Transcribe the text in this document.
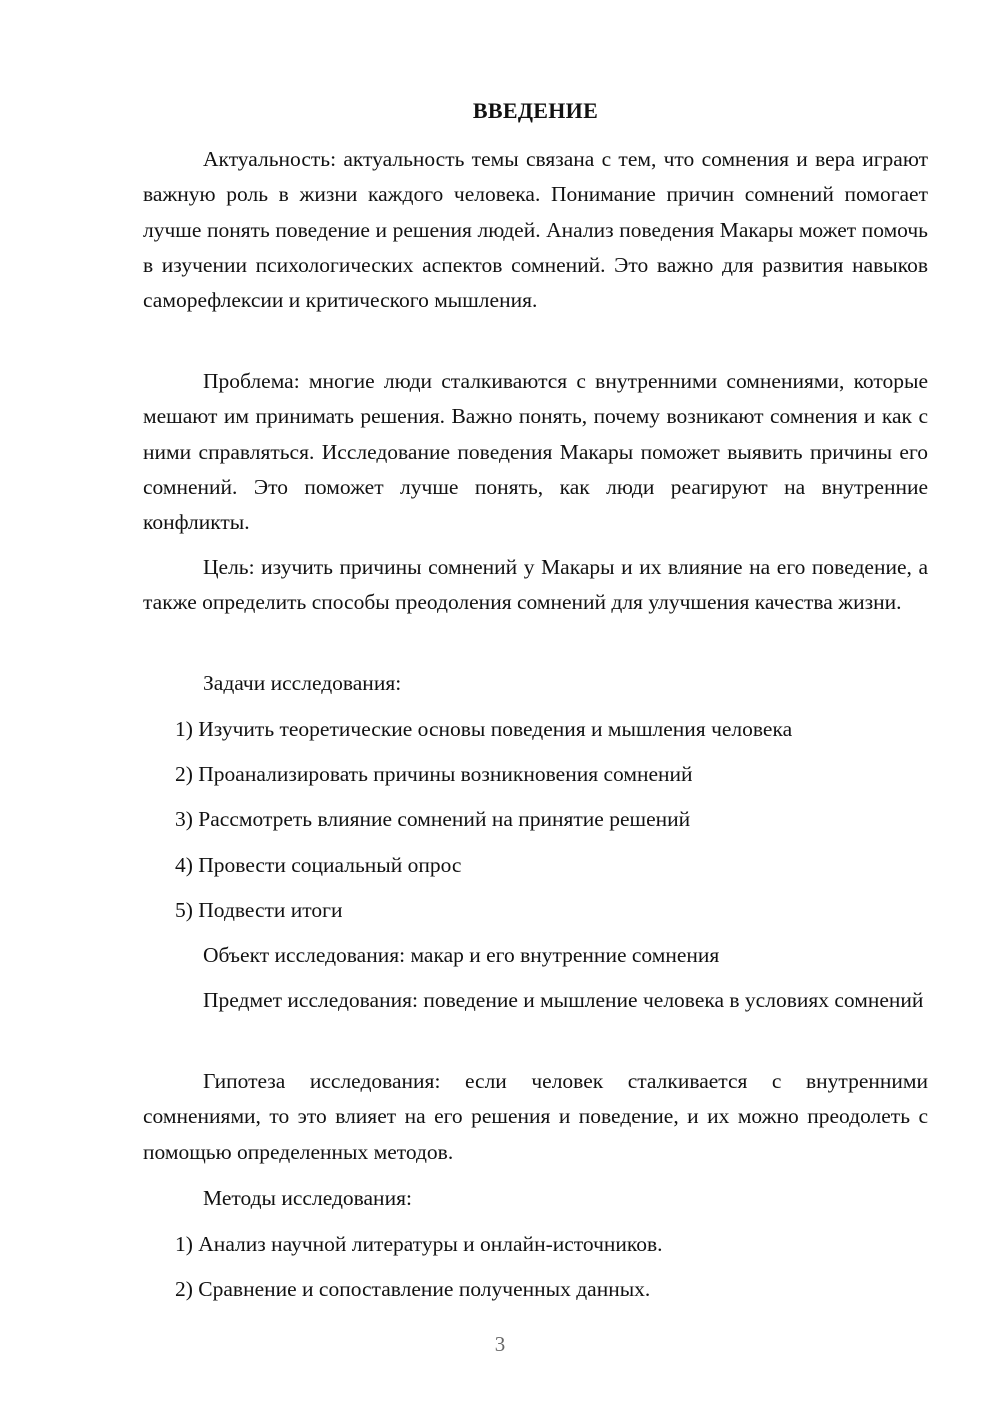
ВВЕДЕНИЕ

Актуальность: актуальность темы связана с тем, что сомнения и вера играют важную роль в жизни каждого человека. Понимание причин сомнений помогает лучше понять поведение и решения людей. Анализ поведения Макары может помочь в изучении психологических аспектов сомнений. Это важно для развития навыков саморефлексии и критического мышления.

Проблема: многие люди сталкиваются с внутренними сомнениями, которые мешают им принимать решения. Важно понять, почему возникают сомнения и как с ними справляться. Исследование поведения Макары поможет выявить причины его сомнений. Это поможет лучше понять, как люди реагируют на внутренние конфликты.

Цель: изучить причины сомнений у Макары и их влияние на его поведение, а также определить способы преодоления сомнений для улучшения качества жизни.

Задачи исследования:

1) Изучить теоретические основы поведения и мышления человека

2) Проанализировать причины возникновения сомнений

3) Рассмотреть влияние сомнений на принятие решений

4) Провести социальный опрос

5) Подвести итоги

Объект исследования: макар и его внутренние сомнения

Предмет исследования: поведение и мышление человека в условиях сомнений

Гипотеза исследования: если человек сталкивается с внутренними сомнениями, то это влияет на его решения и поведение, и их можно преодолеть с помощью определенных методов.

Методы исследования:

1) Анализ научной литературы и онлайн-источников.

2) Сравнение и сопоставление полученных данных.

3
